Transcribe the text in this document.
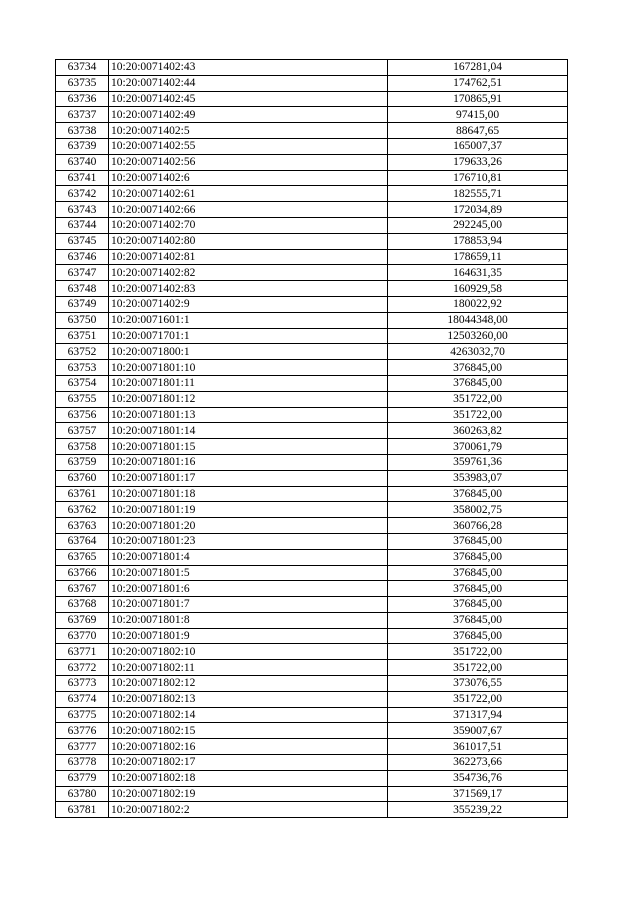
63734	10:20:0071402:43	167281,04
63735	10:20:0071402:44	174762,51
63736	10:20:0071402:45	170865,91
63737	10:20:0071402:49	97415,00
63738	10:20:0071402:5	88647,65
63739	10:20:0071402:55	165007,37
63740	10:20:0071402:56	179633,26
63741	10:20:0071402:6	176710,81
63742	10:20:0071402:61	182555,71
63743	10:20:0071402:66	172034,89
63744	10:20:0071402:70	292245,00
63745	10:20:0071402:80	178853,94
63746	10:20:0071402:81	178659,11
63747	10:20:0071402:82	164631,35
63748	10:20:0071402:83	160929,58
63749	10:20:0071402:9	180022,92
63750	10:20:0071601:1	18044348,00
63751	10:20:0071701:1	12503260,00
63752	10:20:0071800:1	4263032,70
63753	10:20:0071801:10	376845,00
63754	10:20:0071801:11	376845,00
63755	10:20:0071801:12	351722,00
63756	10:20:0071801:13	351722,00
63757	10:20:0071801:14	360263,82
63758	10:20:0071801:15	370061,79
63759	10:20:0071801:16	359761,36
63760	10:20:0071801:17	353983,07
63761	10:20:0071801:18	376845,00
63762	10:20:0071801:19	358002,75
63763	10:20:0071801:20	360766,28
63764	10:20:0071801:23	376845,00
63765	10:20:0071801:4	376845,00
63766	10:20:0071801:5	376845,00
63767	10:20:0071801:6	376845,00
63768	10:20:0071801:7	376845,00
63769	10:20:0071801:8	376845,00
63770	10:20:0071801:9	376845,00
63771	10:20:0071802:10	351722,00
63772	10:20:0071802:11	351722,00
63773	10:20:0071802:12	373076,55
63774	10:20:0071802:13	351722,00
63775	10:20:0071802:14	371317,94
63776	10:20:0071802:15	359007,67
63777	10:20:0071802:16	361017,51
63778	10:20:0071802:17	362273,66
63779	10:20:0071802:18	354736,76
63780	10:20:0071802:19	371569,17
63781	10:20:0071802:2	355239,22
